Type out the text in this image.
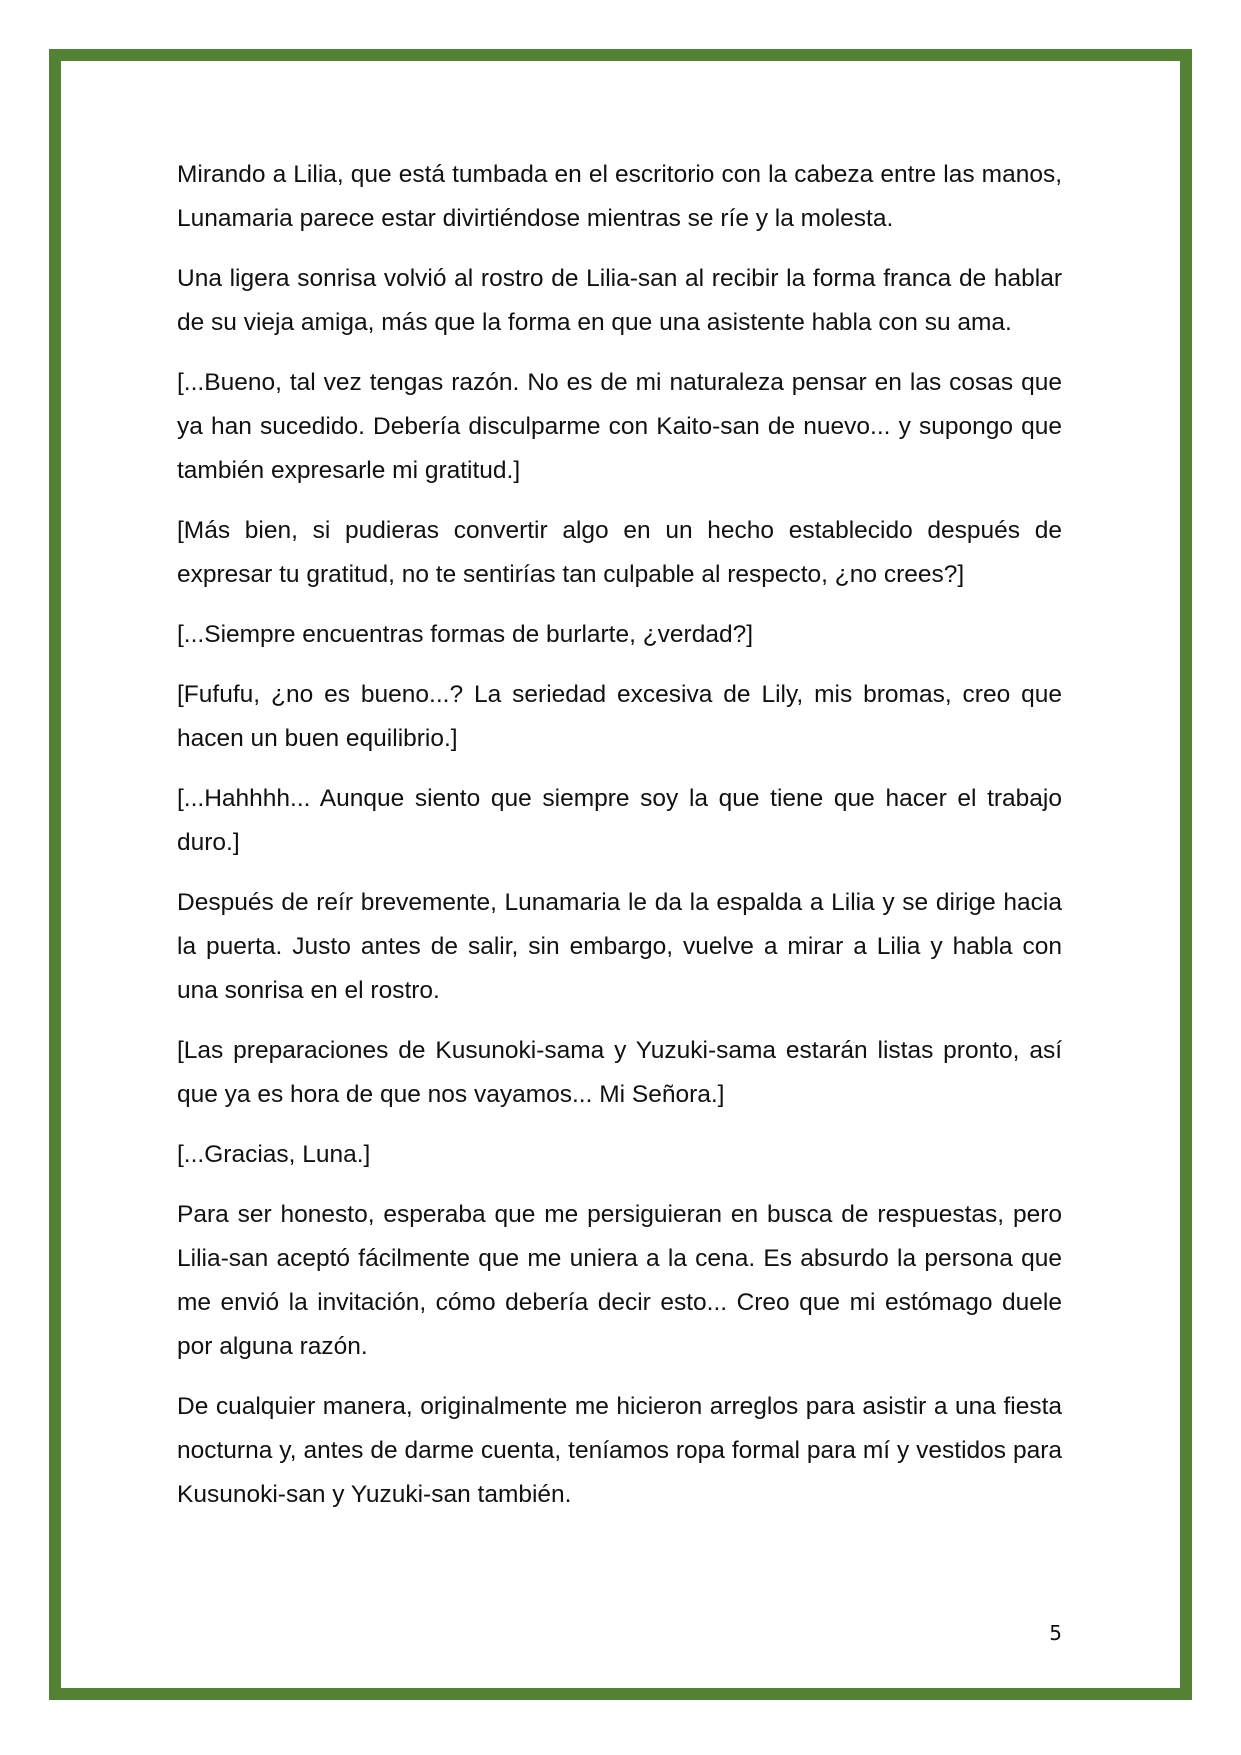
Mirando a Lilia, que está tumbada en el escritorio con la cabeza entre las manos, Lunamaria parece estar divirtiéndose mientras se ríe y la molesta.

Una ligera sonrisa volvió al rostro de Lilia-san al recibir la forma franca de hablar de su vieja amiga, más que la forma en que una asistente habla con su ama.

[...Bueno, tal vez tengas razón. No es de mi naturaleza pensar en las cosas que ya han sucedido. Debería disculparme con Kaito-san de nuevo... y supongo que también expresarle mi gratitud.]

[Más bien, si pudieras convertir algo en un hecho establecido después de expresar tu gratitud, no te sentirías tan culpable al respecto, ¿no crees?]

[...Siempre encuentras formas de burlarte, ¿verdad?]

[Fufufu, ¿no es bueno...? La seriedad excesiva de Lily, mis bromas, creo que hacen un buen equilibrio.]

[...Hahhhh... Aunque siento que siempre soy la que tiene que hacer el trabajo duro.]

Después de reír brevemente, Lunamaria le da la espalda a Lilia y se dirige hacia la puerta. Justo antes de salir, sin embargo, vuelve a mirar a Lilia y habla con una sonrisa en el rostro.

[Las preparaciones de Kusunoki-sama y Yuzuki-sama estarán listas pronto, así que ya es hora de que nos vayamos... Mi Señora.]

[...Gracias, Luna.]

Para ser honesto, esperaba que me persiguieran en busca de respuestas, pero Lilia-san aceptó fácilmente que me uniera a la cena. Es absurdo la persona que me envió la invitación, cómo debería decir esto... Creo que mi estómago duele por alguna razón.

De cualquier manera, originalmente me hicieron arreglos para asistir a una fiesta nocturna y, antes de darme cuenta, teníamos ropa formal para mí y vestidos para Kusunoki-san y Yuzuki-san también.

5
